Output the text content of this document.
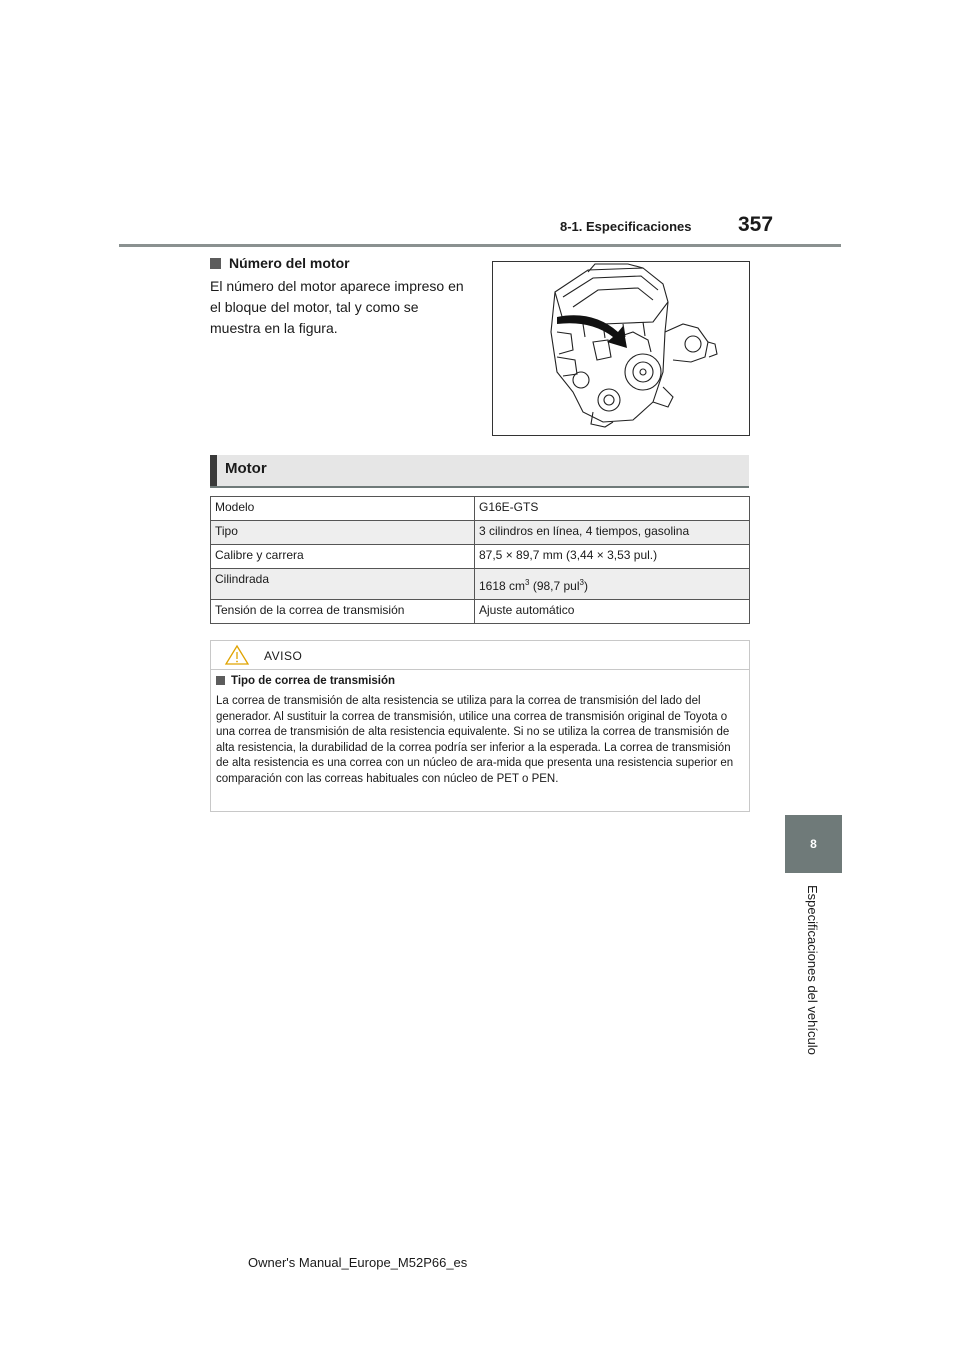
8-1. Especificaciones 357
8
Especificaciones del vehículo
Número del motor
El número del motor aparece impreso en el bloque del motor, tal y como se muestra en la figura.
Motor
Modelo	G16E-GTS
Tipo	3 cilindros en línea, 4 tiempos, gasolina
Calibre y carrera	87,5 × 89,7 mm (3,44 × 3,53 pul.)
Cilindrada	1618 $cm^3$ (98,7 pul$^3$)
Tensión de la correa de transmisión	Ajuste automático
AVISO
Tipo de correa de transmisión
La correa de transmisión de alta resistencia se utiliza para la correa de transmisión del lado del generador. Al sustituir la correa de transmisión, utilice una correa de transmisión original de Toyota o una correa de transmisión de alta resistencia equivalente. Si no se utiliza la correa de transmisión de alta resistencia, la durabilidad de la correa podría ser inferior a la esperada. La correa de transmisión de alta resistencia es una correa con un núcleo de ara-mida que presenta una resistencia superior en comparación con las correas habituales con núcleo de PET o PEN.
Owner's Manual_Europe_M52P66_es
